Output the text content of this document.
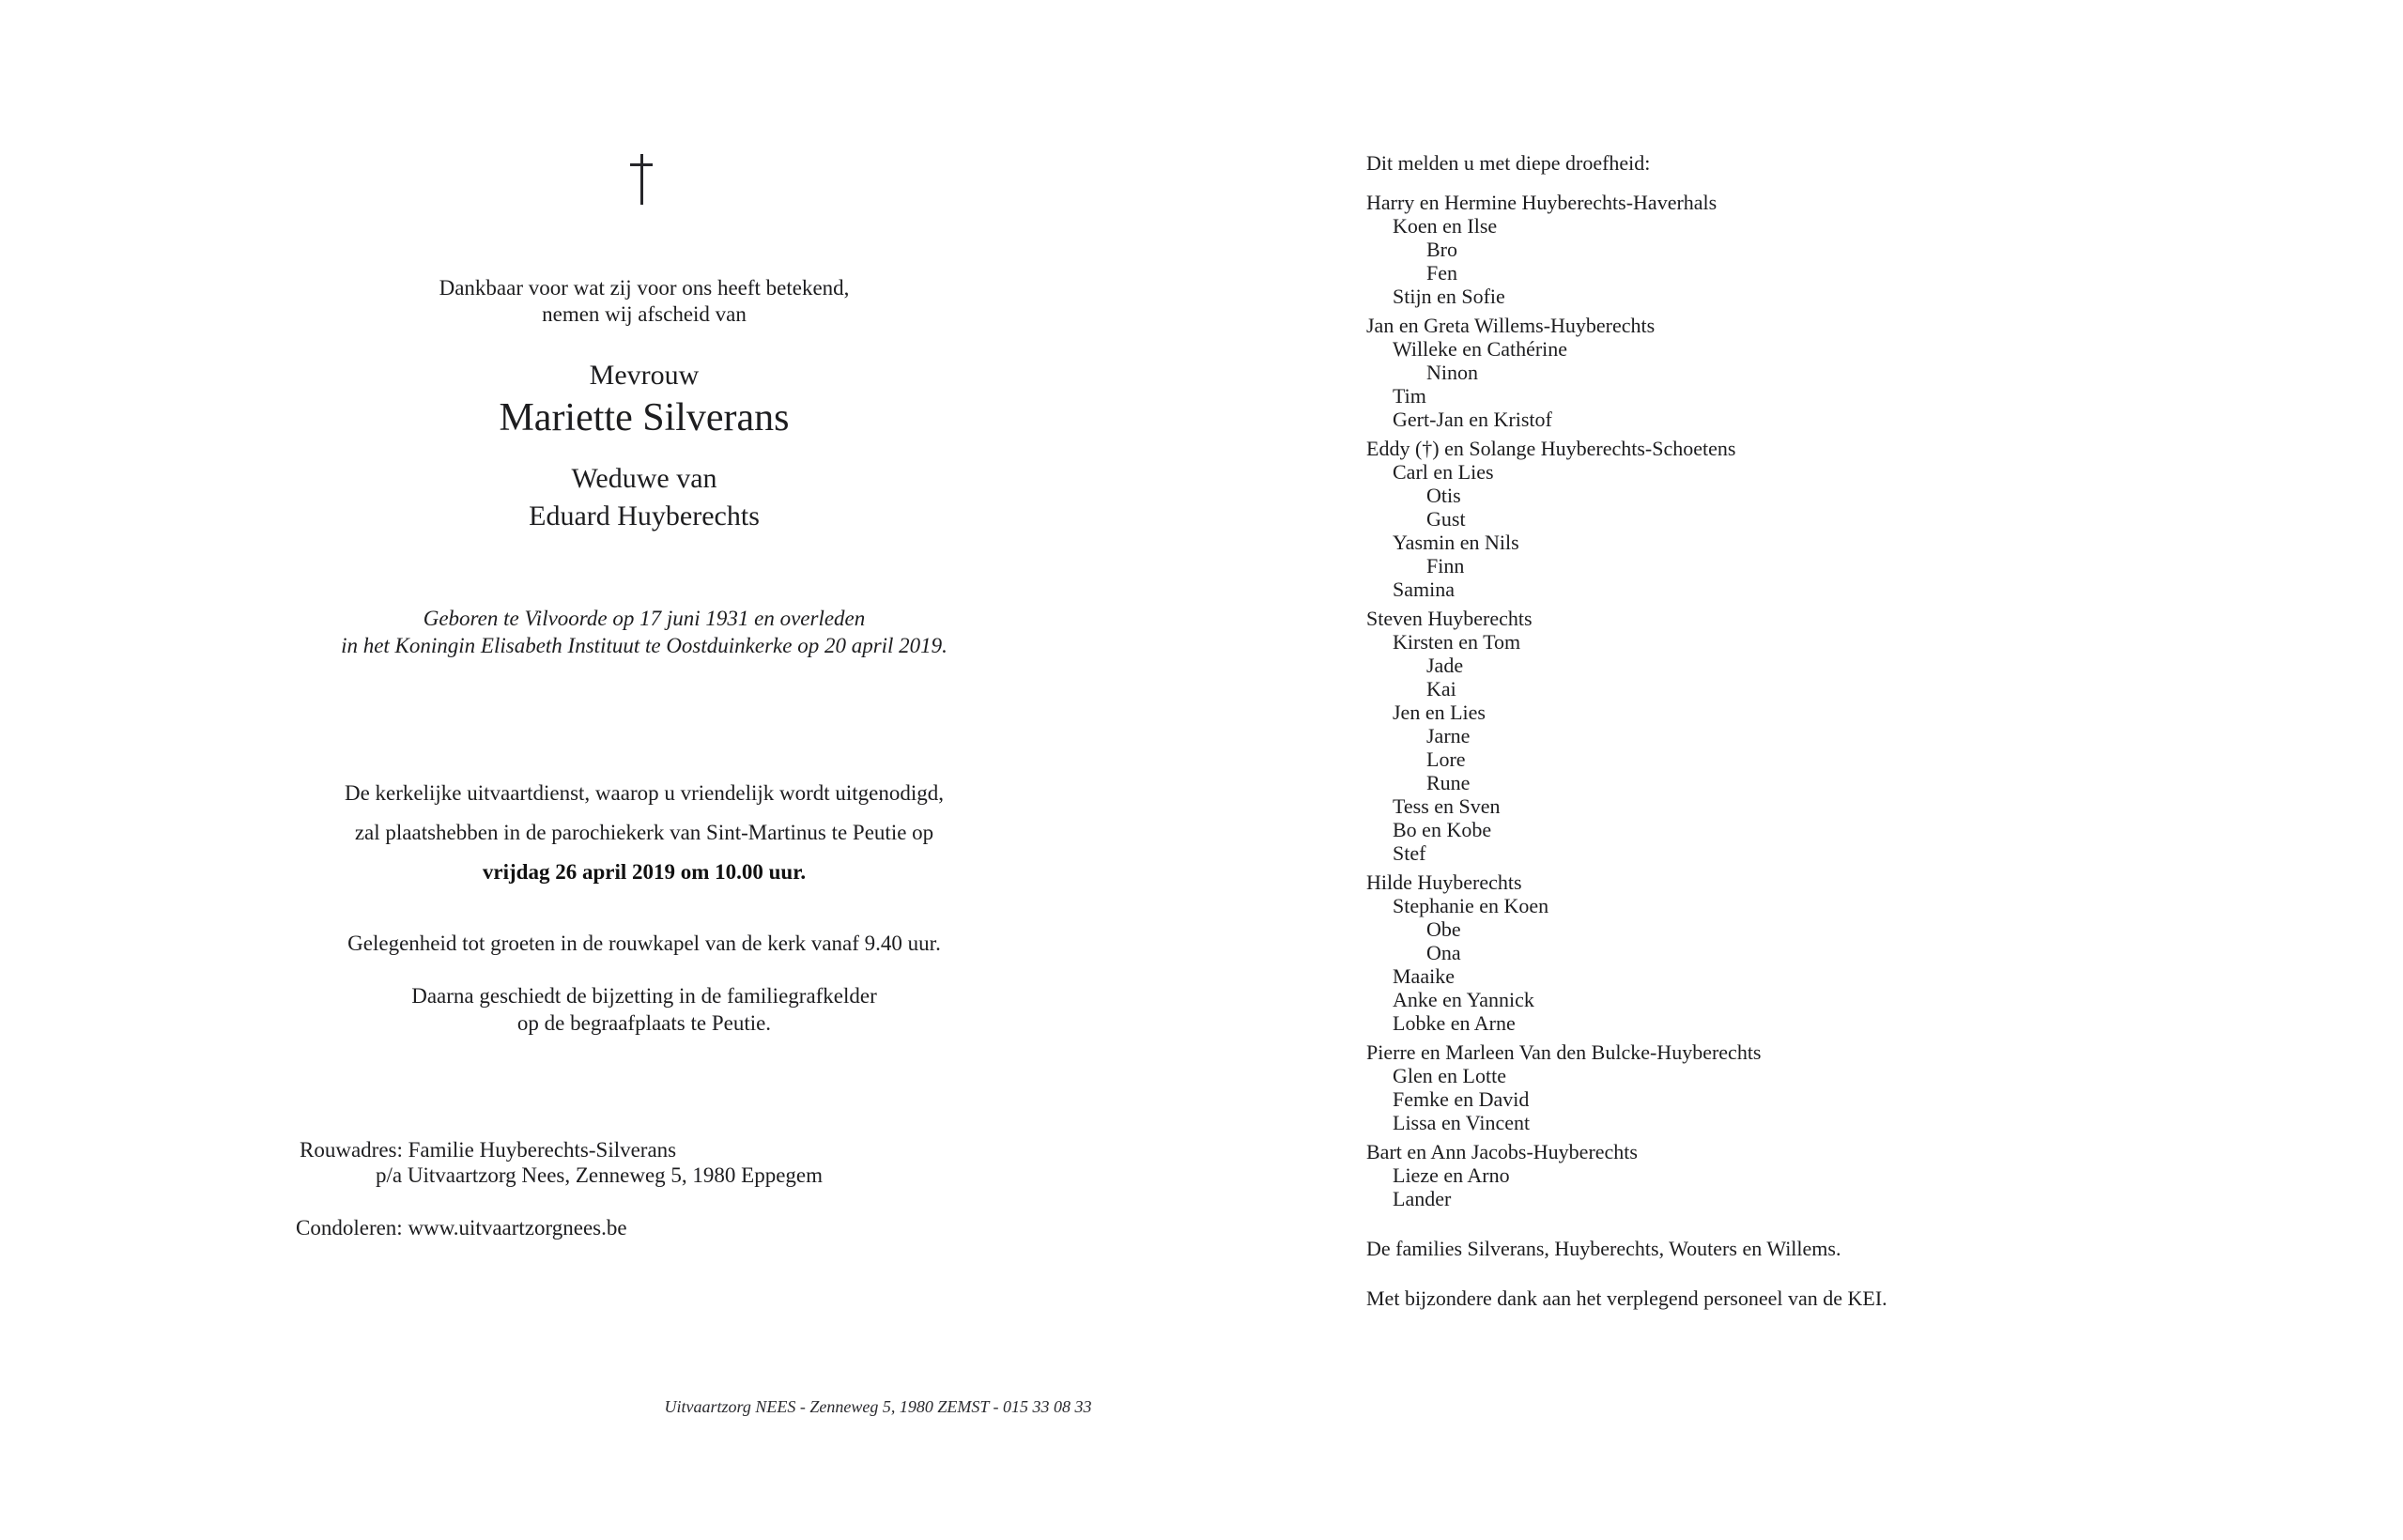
Dankbaar voor wat zij voor ons heeft betekend,
nemen wij afscheid van
Mevrouw
Mariette Silverans
Weduwe van
Eduard Huyberechts
Geboren te Vilvoorde op 17 juni 1931 en overleden
in het Koningin Elisabeth Instituut te Oostduinkerke op 20 april 2019.
De kerkelijke uitvaartdienst, waarop u vriendelijk wordt uitgenodigd,
zal plaatshebben in de parochiekerk van Sint-Martinus te Peutie op
vrijdag 26 april 2019 om 10.00 uur.
Gelegenheid tot groeten in de rouwkapel van de kerk vanaf 9.40 uur.
Daarna geschiedt de bijzetting in de familiegrafkelder
op de begraafplaats te Peutie.
Rouwadres: Familie Huyberechts-Silverans
p/a Uitvaartzorg Nees, Zenneweg 5, 1980 Eppegem
Condoleren: www.uitvaartzorgnees.be
Uitvaartzorg NEES - Zenneweg 5, 1980 ZEMST - 015 33 08 33
Dit melden u met diepe droefheid:
Harry en Hermine Huyberechts-Haverhals
Koen en Ilse
Bro
Fen
Stijn en Sofie
Jan en Greta Willems-Huyberechts
Willeke en Cathérine
Ninon
Tim
Gert-Jan en Kristof
Eddy (†) en Solange Huyberechts-Schoetens
Carl en Lies
Otis
Gust
Yasmin en Nils
Finn
Samina
Steven Huyberechts
Kirsten en Tom
Jade
Kai
Jen en Lies
Jarne
Lore
Rune
Tess en Sven
Bo en Kobe
Stef
Hilde Huyberechts
Stephanie en Koen
Obe
Ona
Maaike
Anke en Yannick
Lobke en Arne
Pierre en Marleen Van den Bulcke-Huyberechts
Glen en Lotte
Femke en David
Lissa en Vincent
Bart en Ann Jacobs-Huyberechts
Lieze en Arno
Lander
De families Silverans, Huyberechts, Wouters en Willems.
Met bijzondere dank aan het verplegend personeel van de KEI.
